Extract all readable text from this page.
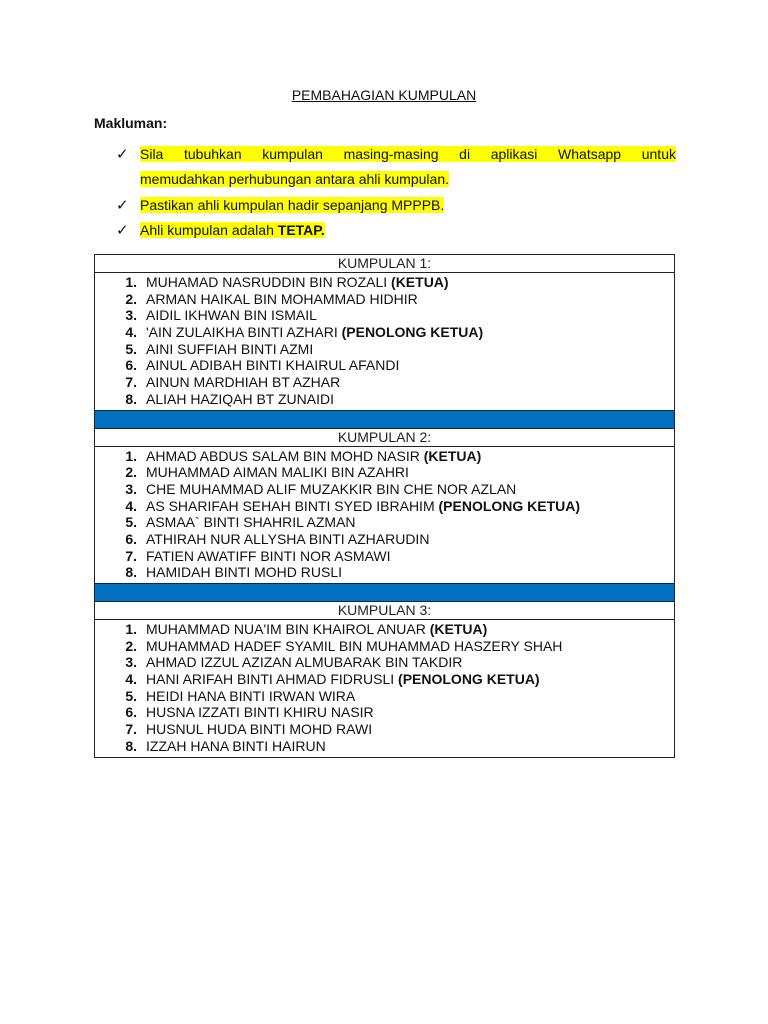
PEMBAHAGIAN KUMPULAN
Makluman:
✓ Sila tubuhkan kumpulan masing-masing di aplikasi Whatsapp untuk
memudahkan perhubungan antara ahli kumpulan.
✓ Pastikan ahli kumpulan hadir sepanjang MPPPB.
✓ Ahli kumpulan adalah TETAP.
KUMPULAN 1:
1. MUHAMAD NASRUDDIN BIN ROZALI (KETUA)
2. ARMAN HAIKAL BIN MOHAMMAD HIDHIR
3. AIDIL IKHWAN BIN ISMAIL
4. 'AIN ZULAIKHA BINTI AZHARI (PENOLONG KETUA)
5. AINI SUFFIAH BINTI AZMI
6. AINUL ADIBAH BINTI KHAIRUL AFANDI
7. AINUN MARDHIAH BT AZHAR
8. ALIAH HAZIQAH BT ZUNAIDI
KUMPULAN 2:
1. AHMAD ABDUS SALAM BIN MOHD NASIR (KETUA)
2. MUHAMMAD AIMAN MALIKI BIN AZAHRI
3. CHE MUHAMMAD ALIF MUZAKKIR BIN CHE NOR AZLAN
4. AS SHARIFAH SEHAH BINTI SYED IBRAHIM (PENOLONG KETUA)
5. ASMAA` BINTI SHAHRIL AZMAN
6. ATHIRAH NUR ALLYSHA BINTI AZHARUDIN
7. FATIEN AWATIFF BINTI NOR ASMAWI
8. HAMIDAH BINTI MOHD RUSLI
KUMPULAN 3:
1. MUHAMMAD NUA'IM BIN KHAIROL ANUAR (KETUA)
2. MUHAMMAD HADEF SYAMIL BIN MUHAMMAD HASZERY SHAH
3. AHMAD IZZUL AZIZAN ALMUBARAK BIN TAKDIR
4. HANI ARIFAH BINTI AHMAD FIDRUSLI (PENOLONG KETUA)
5. HEIDI HANA BINTI IRWAN WIRA
6. HUSNA IZZATI BINTI KHIRU NASIR
7. HUSNUL HUDA BINTI MOHD RAWI
8. IZZAH HANA BINTI HAIRUN
